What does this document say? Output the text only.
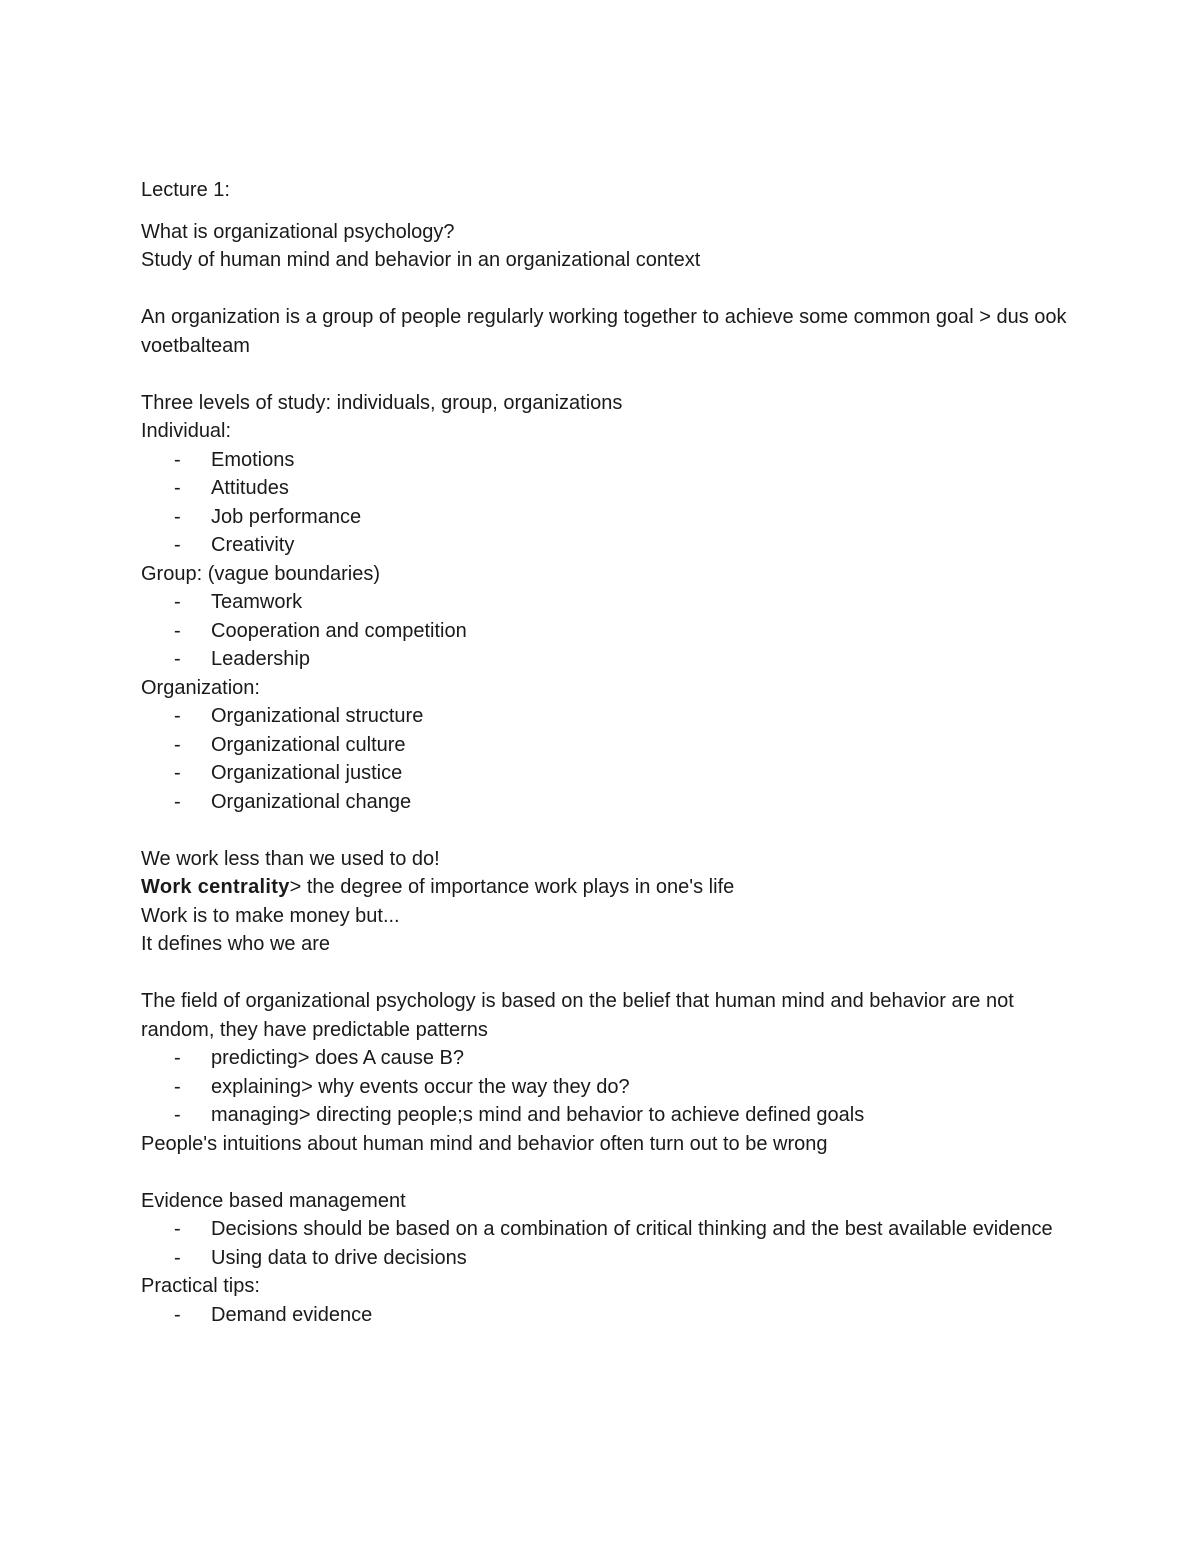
Lecture 1:

What is organizational psychology?

Study of human mind and behavior in an organizational context

An organization is a group of people regularly working together to achieve some common goal > dus ook voetbalteam

Three levels of study: individuals, group, organizations

Individual:

- Emotions

- Attitudes

- Job performance

- Creativity

Group: (vague boundaries)

- Teamwork

- Cooperation and competition

- Leadership

Organization:

- Organizational structure

- Organizational culture

- Organizational justice

- Organizational change

We work less than we used to do!

Work centrality> the degree of importance work plays in one's life

Work is to make money but...

It defines who we are

The field of organizational psychology is based on the belief that human mind and behavior are not random, they have predictable patterns

- predicting> does A cause B?

- explaining> why events occur the way they do?

- managing> directing people;s mind and behavior to achieve defined goals

People's intuitions about human mind and behavior often turn out to be wrong

Evidence based management

- Decisions should be based on a combination of critical thinking and the best available evidence

- Using data to drive decisions

Practical tips:

- Demand evidence
